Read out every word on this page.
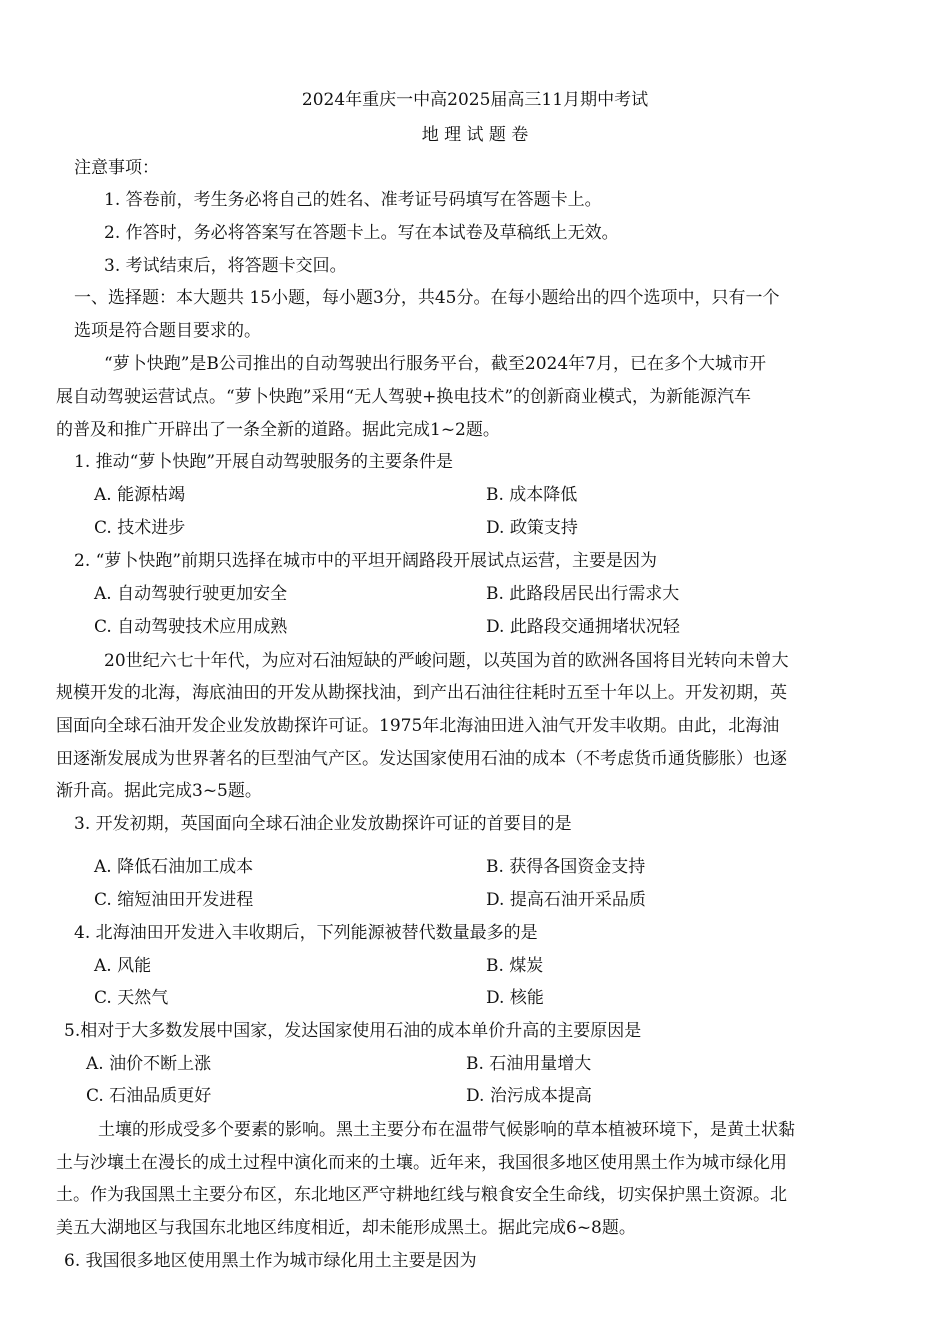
2024年重庆一中高2025届高三11月期中考试
地 理 试 题 卷
注意事项：
1. 答卷前，考生务必将自己的姓名、准考证号码填写在答题卡上。
2. 作答时，务必将答案写在答题卡上。写在本试卷及草稿纸上无效。
3. 考试结束后，将答题卡交回。
一、选择题：本大题共 15小题，每小题3分，共45分。在每小题给出的四个选项中，只有一个
选项是符合题目要求的。
“萝卜快跑”是B公司推出的自动驾驶出行服务平台，截至2024年7月，已在多个大城市开
展自动驾驶运营试点。“萝卜快跑”采用“无人驾驶+换电技术”的创新商业模式，为新能源汽车
的普及和推广开辟出了一条全新的道路。据此完成1~2题。
1. 推动“萝卜快跑”开展自动驾驶服务的主要条件是
A. 能源枯竭	B. 成本降低
C. 技术进步	D. 政策支持
2. “萝卜快跑”前期只选择在城市中的平坦开阔路段开展试点运营，主要是因为
A. 自动驾驶行驶更加安全	B. 此路段居民出行需求大
C. 自动驾驶技术应用成熟	D. 此路段交通拥堵状况轻
20世纪六七十年代，为应对石油短缺的严峻问题，以英国为首的欧洲各国将目光转向未曾大
规模开发的北海，海底油田的开发从勘探找油，到产出石油往往耗时五至十年以上。开发初期，英
国面向全球石油开发企业发放勘探许可证。1975年北海油田进入油气开发丰收期。由此，北海油
田逐渐发展成为世界著名的巨型油气产区。发达国家使用石油的成本（不考虑货币通货膨胀）也逐
渐升高。据此完成3~5题。
3. 开发初期，英国面向全球石油企业发放勘探许可证的首要目的是
A. 降低石油加工成本	B. 获得各国资金支持
C. 缩短油田开发进程	D. 提高石油开采品质
4. 北海油田开发进入丰收期后，下列能源被替代数量最多的是
A. 风能	B. 煤炭
C. 天然气	D. 核能
5.相对于大多数发展中国家，发达国家使用石油的成本单价升高的主要原因是
A. 油价不断上涨	B. 石油用量增大
C. 石油品质更好	D. 治污成本提高
土壤的形成受多个要素的影响。黑土主要分布在温带气候影响的草本植被环境下，是黄土状黏
土与沙壤土在漫长的成土过程中演化而来的土壤。近年来，我国很多地区使用黑土作为城市绿化用
土。作为我国黑土主要分布区，东北地区严守耕地红线与粮食安全生命线，切实保护黑土资源。北
美五大湖地区与我国东北地区纬度相近，却未能形成黑土。据此完成6~8题。
6. 我国很多地区使用黑土作为城市绿化用土主要是因为
